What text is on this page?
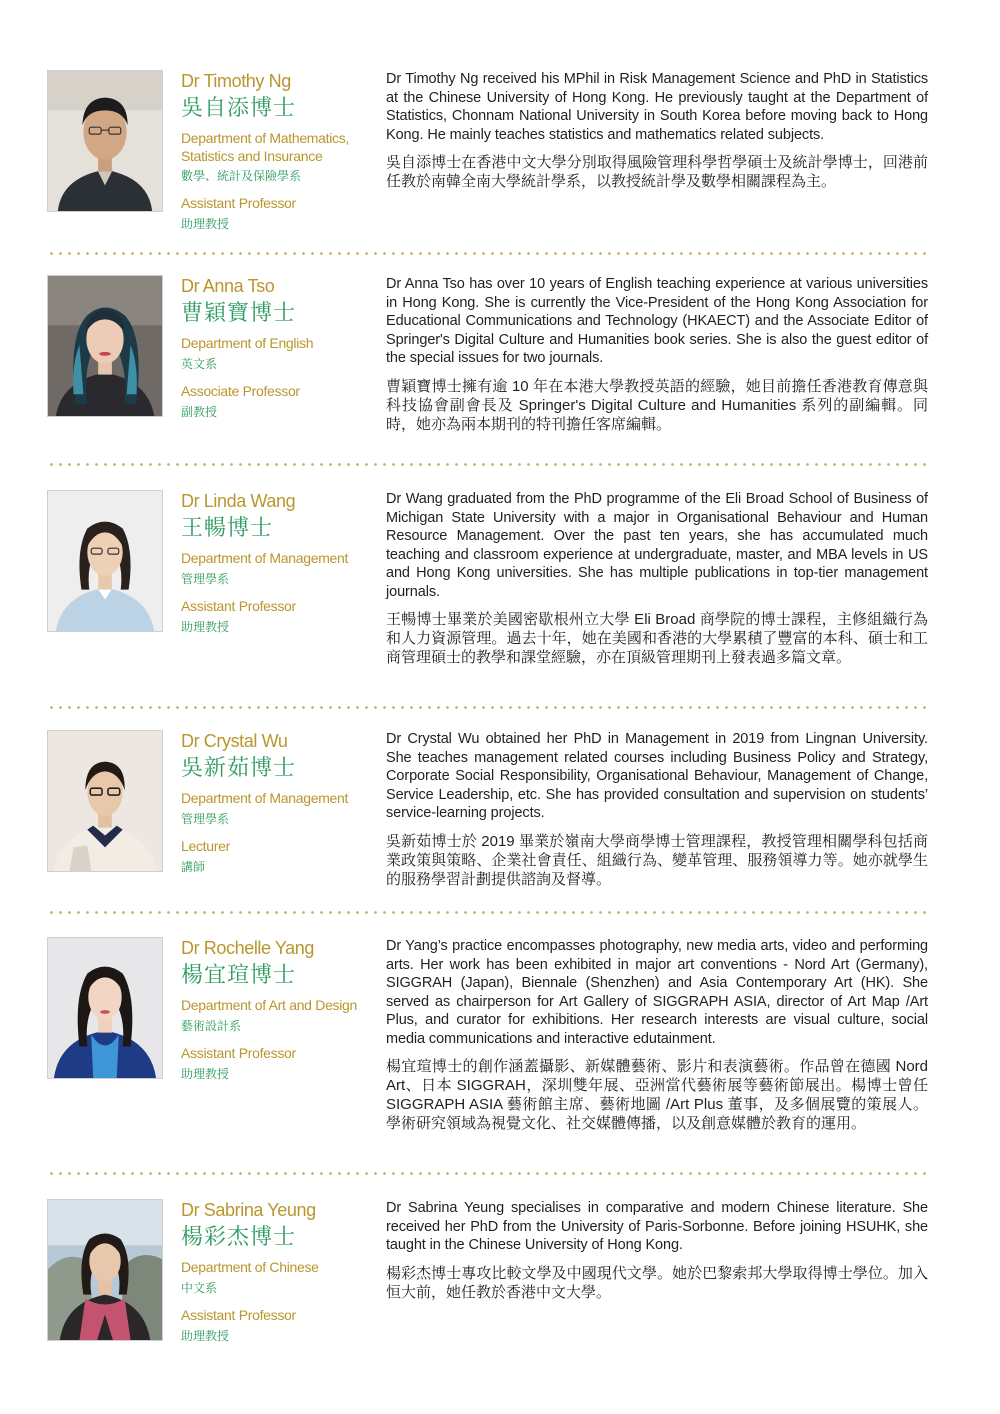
Dr Timothy Ng
吳自添博士
Department of Mathematics, Statistics and Insurance
數學、統計及保險學系
Assistant Professor
助理教授

Dr Timothy Ng received his MPhil in Risk Management Science and PhD in Statistics at the Chinese University of Hong Kong. He previously taught at the Department of Statistics, Chonnam National University in South Korea before moving back to Hong Kong. He mainly teaches statistics and mathematics related subjects.

吳自添博士在香港中文大學分別取得風險管理科學哲學碩士及統計學博士，回港前任教於南韓全南大學統計學系，以教授統計學及數學相關課程為主。

Dr Anna Tso
曹穎寶博士
Department of English
英文系
Associate Professor
副教授

Dr Anna Tso has over 10 years of English teaching experience at various universities in Hong Kong. She is currently the Vice-President of the Hong Kong Association for Educational Communications and Technology (HKAECT) and the Associate Editor of Springer's Digital Culture and Humanities book series. She is also the guest editor of the special issues for two journals.

曹穎寶博士擁有逾 10 年在本港大學教授英語的經驗，她目前擔任香港教育傳意與科技協會副會長及 Springer's Digital Culture and Humanities 系列的副編輯。同時，她亦為兩本期刊的特刊擔任客席編輯。

Dr Linda Wang
王暢博士
Department of Management
管理學系
Assistant Professor
助理教授

Dr Wang graduated from the PhD programme of the Eli Broad School of Business of Michigan State University with a major in Organisational Behaviour and Human Resource Management. Over the past ten years, she has accumulated much teaching and classroom experience at undergraduate, master, and MBA levels in US and Hong Kong universities. She has multiple publications in top-tier management journals.

王暢博士畢業於美國密歇根州立大學 Eli Broad 商學院的博士課程，主修組織行為和人力資源管理。過去十年，她在美國和香港的大學累積了豐富的本科、碩士和工商管理碩士的教學和課堂經驗，亦在頂級管理期刊上發表過多篇文章。

Dr Crystal Wu
吳新茹博士
Department of Management
管理學系
Lecturer
講師

Dr Crystal Wu obtained her PhD in Management in 2019 from Lingnan University. She teaches management related courses including Business Policy and Strategy, Corporate Social Responsibility, Organisational Behaviour, Management of Change, Service Leadership, etc. She has provided consultation and supervision on students’ service-learning projects.

吳新茹博士於 2019 畢業於嶺南大學商學博士管理課程，教授管理相關學科包括商業政策與策略、企業社會責任、組織行為、變革管理、服務領導力等。她亦就學生的服務學習計劃提供諮詢及督導。

Dr Rochelle Yang
楊宜瑄博士
Department of Art and Design
藝術設計系
Assistant Professor
助理教授

Dr Yang’s practice encompasses photography, new media arts, video and performing arts. Her work has been exhibited in major art conventions - Nord Art (Germany), SIGGRAH (Japan), Biennale (Shenzhen) and Asia Contemporary Art (HK). She served as chairperson for Art Gallery of SIGGRAPH ASIA, director of Art Map /Art Plus, and curator for exhibitions. Her research interests are visual culture, social media communications and interactive edutainment.

楊宜瑄博士的創作涵蓋攝影、新媒體藝術、影片和表演藝術。作品曾在德國 Nord Art、日本 SIGGRAH，深圳雙年展、亞洲當代藝術展等藝術節展出。楊博士曾任 SIGGRAPH ASIA 藝術館主席、藝術地圖 /Art Plus 董事，及多個展覽的策展人。學術研究領域為視覺文化、社交媒體傳播，以及創意媒體於教育的運用。

Dr Sabrina Yeung
楊彩杰博士
Department of Chinese
中文系
Assistant Professor
助理教授

Dr Sabrina Yeung specialises in comparative and modern Chinese literature. She received her PhD from the University of Paris-Sorbonne. Before joining HSUHK, she taught in the Chinese University of Hong Kong.

楊彩杰博士專攻比較文學及中國現代文學。她於巴黎索邦大學取得博士學位。加入恒大前，她任教於香港中文大學。
